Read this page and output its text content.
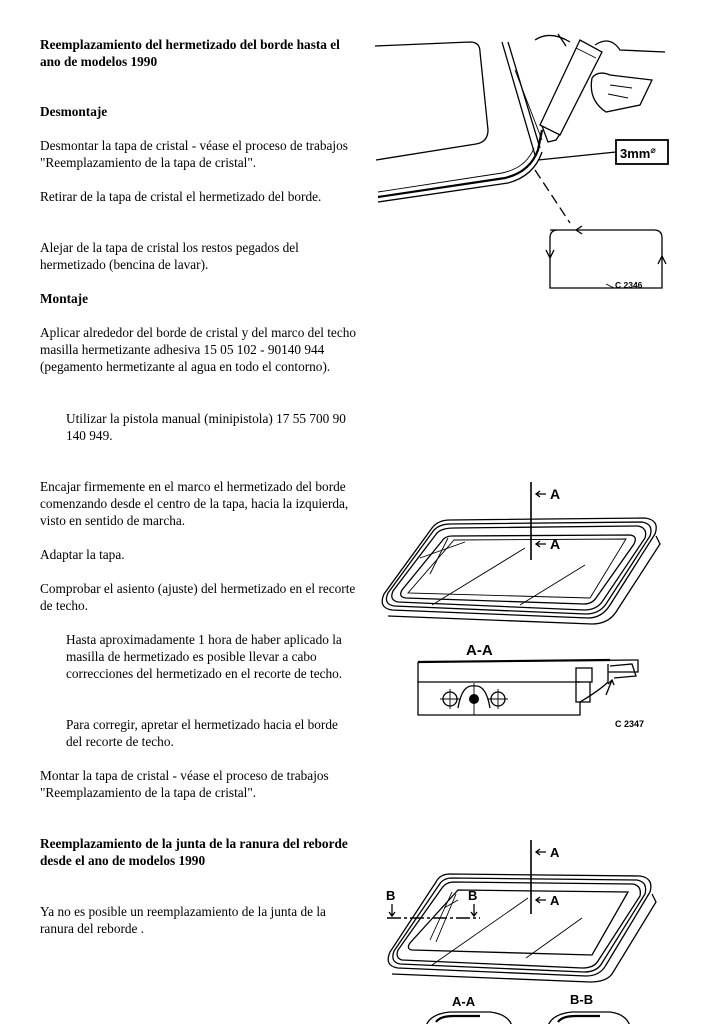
Reemplazamiento del hermetizado del borde hasta el ano de modelos 1990

Desmontaje

Desmontar la tapa de cristal - véase el proceso de trabajos "Reemplazamiento de la tapa de cristal".

Retirar de la tapa de cristal el hermetizado del borde.

Alejar de la tapa de cristal los restos pegados del hermetizado (bencina de lavar).

Montaje

Aplicar alrededor del borde de cristal y del marco del techo masilla hermetizante adhesiva 15 05 102 - 90140 944 (pegamento hermetizante al agua en todo el contorno).

Utilizar la pistola manual (minipistola) 17 55 700 90 140 949.

Encajar firmemente en el marco el hermetizado del borde comenzando desde el centro de la tapa, hacia la izquierda, visto en sentido de marcha.

Adaptar la tapa.

Comprobar el asiento (ajuste) del hermetizado en el recorte de techo.

Hasta aproximadamente 1 hora de haber aplicado la masilla de hermetizado es posible llevar a cabo correcciones del hermetizado en el recorte de techo.

Para corregir, apretar el hermetizado hacia el borde del recorte de techo.

Montar la tapa de cristal - véase el proceso de trabajos "Reemplazamiento de la tapa de cristal".

Reemplazamiento de la junta de la ranura del reborde desde el ano de modelos 1990

Ya no es posible un reemplazamiento de la junta de la ranura del reborde .

3mm⌀
C 2346
A
A
A-A
C 2347
A
A
B	B
A-A	B-B
